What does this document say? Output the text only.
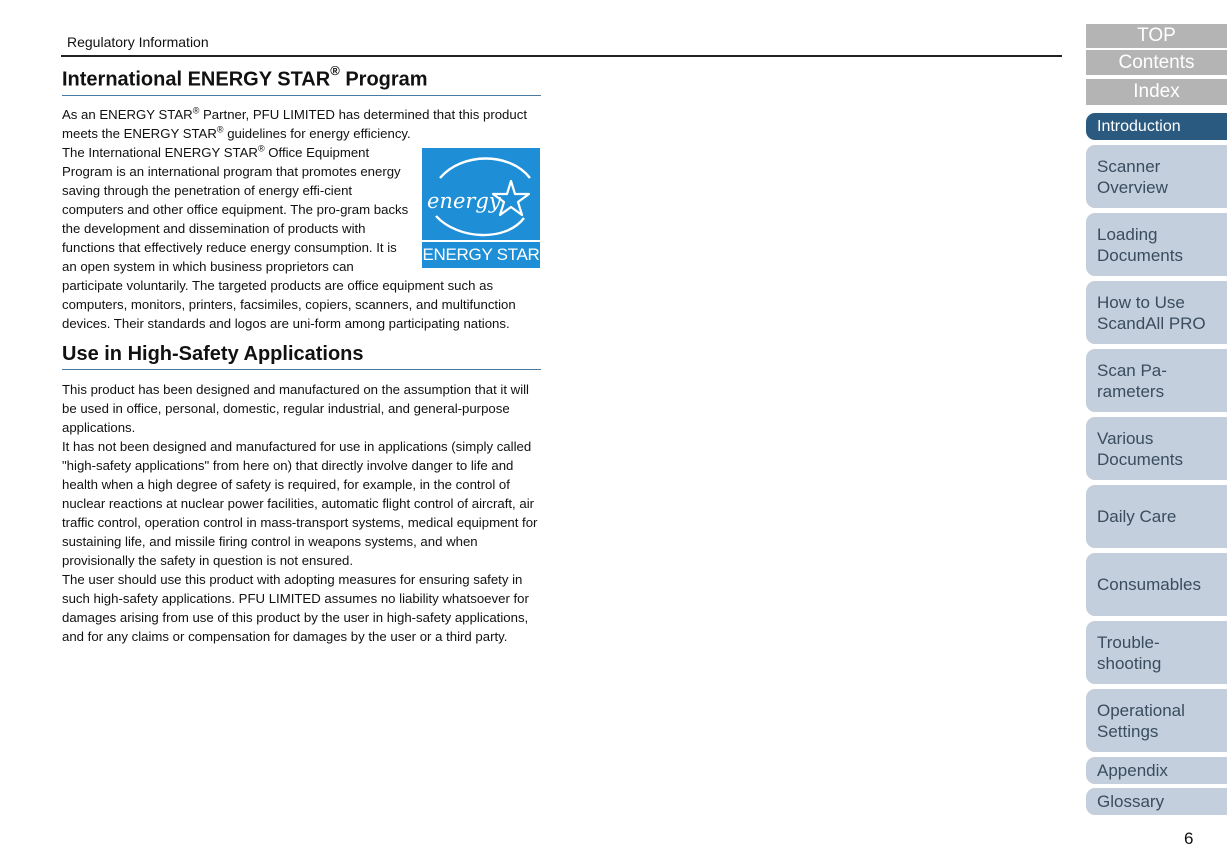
Regulatory Information
International ENERGY STAR® Program

As an ENERGY STAR® Partner, PFU LIMITED has determined that this product meets the ENERGY STAR® guidelines for energy efficiency.

energy
ENERGY STAR

The International ENERGY STAR® Office Equipment Program is an international program that promotes energy saving through the penetration of energy effi-cient computers and other office equipment. The pro-gram backs the development and dissemination of products with functions that effectively reduce energy consumption. It is an open system in which business proprietors can participate voluntarily. The targeted products are office equipment such as computers, monitors, printers, facsimiles, copiers, scanners, and multifunction devices. Their standards and logos are uni-form among participating nations.

Use in High-Safety Applications

This product has been designed and manufactured on the assumption that it will be used in office, personal, domestic, regular industrial, and general-purpose applications.

It has not been designed and manufactured for use in applications (simply called "high-safety applications" from here on) that directly involve danger to life and health when a high degree of safety is required, for example, in the control of nuclear reactions at nuclear power facilities, automatic flight control of aircraft, air traffic control, operation control in mass-transport systems, medical equipment for sustaining life, and missile firing control in weapons systems, and when provisionally the safety in question is not ensured.

The user should use this product with adopting measures for ensuring safety in such high-safety applications. PFU LIMITED assumes no liability whatsoever for damages arising from use of this product by the user in high-safety applications, and for any claims or compensation for damages by the user or a third party.

TOP
Contents
Index
Introduction
Scanner
Overview
Loading
Documents
How to Use
ScandAll PRO
Scan Pa-
rameters
Various
Documents
Daily Care
Consumables
Trouble-
shooting
Operational
Settings
Appendix
Glossary
6
